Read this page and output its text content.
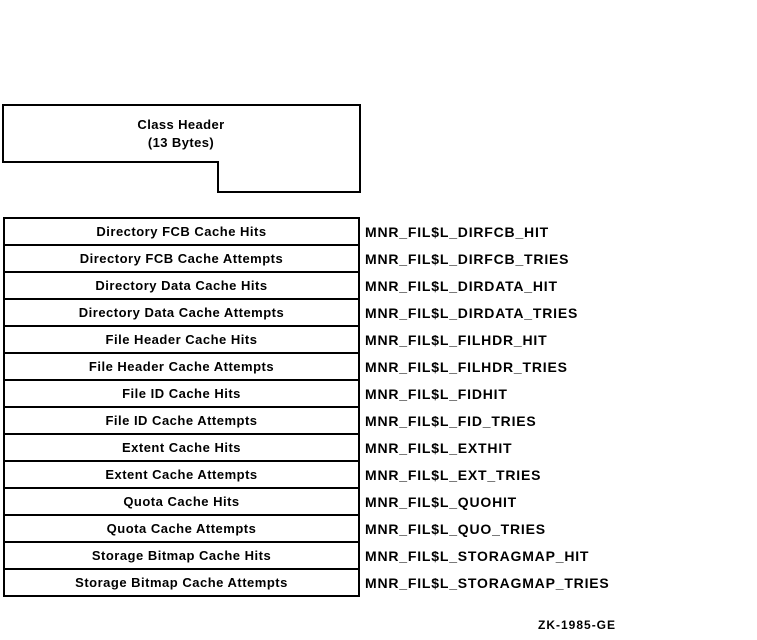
Class Header
(13 Bytes)
Directory FCB Cache Hits	MNR_FIL$L_DIRFCB_HIT
Directory FCB Cache Attempts	MNR_FIL$L_DIRFCB_TRIES
Directory Data Cache Hits	MNR_FIL$L_DIRDATA_HIT
Directory Data Cache Attempts	MNR_FIL$L_DIRDATA_TRIES
File Header Cache Hits	MNR_FIL$L_FILHDR_HIT
File Header Cache Attempts	MNR_FIL$L_FILHDR_TRIES
File ID Cache Hits	MNR_FIL$L_FIDHIT
File ID Cache Attempts	MNR_FIL$L_FID_TRIES
Extent Cache Hits	MNR_FIL$L_EXTHIT
Extent Cache Attempts	MNR_FIL$L_EXT_TRIES
Quota Cache Hits	MNR_FIL$L_QUOHIT
Quota Cache Attempts	MNR_FIL$L_QUO_TRIES
Storage Bitmap Cache Hits	MNR_FIL$L_STORAGMAP_HIT
Storage Bitmap Cache Attempts	MNR_FIL$L_STORAGMAP_TRIES
ZK-1985-GE
